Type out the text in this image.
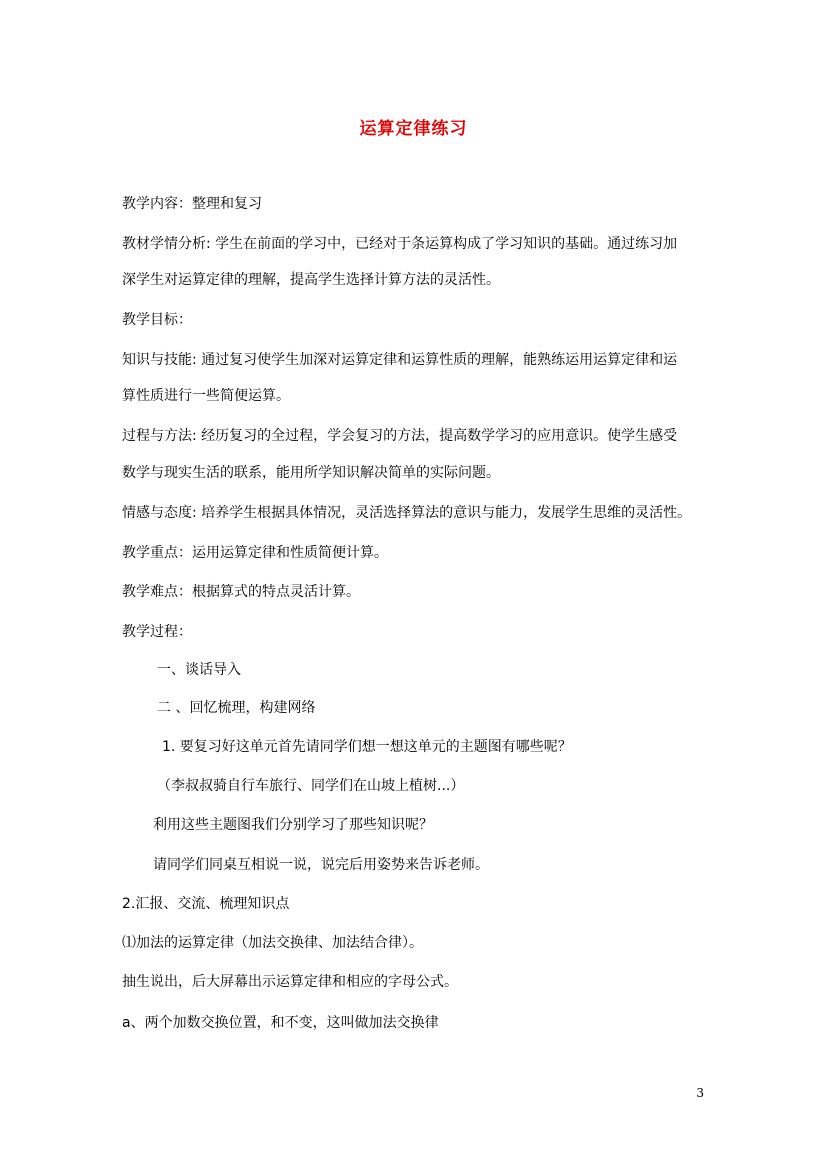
运算定律练习
教学内容：整理和复习
教材学情分析: 学生在前面的学习中，已经对于条运算构成了学习知识的基础。通过练习加
深学生对运算定律的理解，提高学生选择计算方法的灵活性。
教学目标：
知识与技能: 通过复习使学生加深对运算定律和运算性质的理解，能熟练运用运算定律和运
算性质进行一些简便运算。
过程与方法: 经历复习的全过程，学会复习的方法，提高数学学习的应用意识。使学生感受
数学与现实生活的联系，能用所学知识解决简单的实际问题。
情感与态度: 培养学生根据具体情况，灵活选择算法的意识与能力，发展学生思维的灵活性。
教学重点：运用运算定律和性质简便计算。
教学难点：根据算式的特点灵活计算。
教学过程：
一、谈话导入
二 、回忆梳理，构建网络
1. 要复习好这单元首先请同学们想一想这单元的主题图有哪些呢？
（李叔叔骑自行车旅行、同学们在山坡上植树...）
利用这些主题图我们分别学习了那些知识呢？
请同学们同桌互相说一说，说完后用姿势来告诉老师。
2.汇报、交流、梳理知识点
⑴加法的运算定律（加法交换律、加法结合律）。
抽生说出，后大屏幕出示运算定律和相应的字母公式。
a、两个加数交换位置，和不变，这叫做加法交换律
3
